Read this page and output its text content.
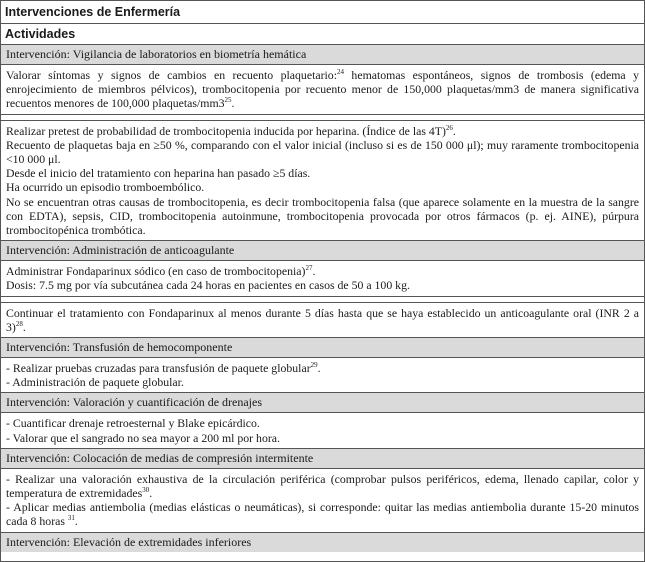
Intervenciones de Enfermería
Actividades
Intervención: Vigilancia de laboratorios en biometría hemática

Valorar síntomas y signos de cambios en recuento plaquetario:$^{24}$ hematomas espontáneos, signos de trombosis (edema y enrojecimiento de miembros pélvicos), trombocitopenia por recuento menor de 150,000 plaquetas/mm3 de manera significativa recuentos menores de 100,000 plaquetas/$mm3^{25}$.

Realizar pretest de probabilidad de trombocitopenia inducida por heparina. (Índice de las 4T)$^{26}$.

Recuento de plaquetas baja en ≥50 %, comparando con el valor inicial (incluso si es de 150 000 μl); muy raramente trombocitopenia <10 000 μl.

Desde el inicio del tratamiento con heparina han pasado ≥5 días.

Ha ocurrido un episodio tromboembólico.

No se encuentran otras causas de trombocitopenia, es decir trombocitopenia falsa (que aparece solamente en la muestra de la sangre con EDTA), sepsis, CID, trombocitopenia autoinmune, trombocitopenia provocada por otros fármacos (p. ej. AINE), púrpura trombocitopénica trombótica.

Intervención: Administración de anticoagulante

Administrar Fondaparinux sódico (en caso de trombocitopenia)$^{27}$.

Dosis: 7.5 mg por vía subcutánea cada 24 horas en pacientes en casos de 50 a 100 kg.

Continuar el tratamiento con Fondaparinux al menos durante 5 días hasta que se haya establecido un anticoagulante oral (INR 2 a 3)$^{28}$.

Intervención: Transfusión de hemocomponente

- Realizar pruebas cruzadas para transfusión de paquete globular$^{29}$.

- Administración de paquete globular.

Intervención: Valoración y cuantificación de drenajes

- Cuantificar drenaje retroesternal y Blake epicárdico.

- Valorar que el sangrado no sea mayor a 200 ml por hora.

Intervención: Colocación de medias de compresión intermitente

- Realizar una valoración exhaustiva de la circulación periférica (comprobar pulsos periféricos, edema, llenado capilar, color y temperatura de extremidades$^{30}$.

- Aplicar medias antiembolia (medias elásticas o neumáticas), si corresponde: quitar las medias antiembolia durante 15-20 minutos cada 8 horas $^{31}$.

Intervención: Elevación de extremidades inferiores
